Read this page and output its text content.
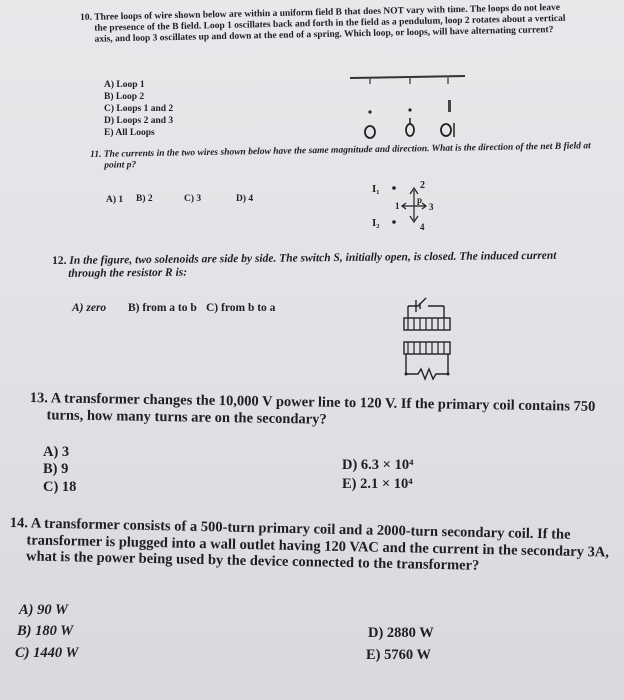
10. Three loops of wire shown below are within a uniform field B that does NOT vary with time. The loops do not leave the presence of the B field. Loop 1 oscillates back and forth in the field as a pendulum, loop 2 rotates about a vertical axis, and loop 3 oscillates up and down at the end of a spring. Which loop, or loops, will have alternating current?
A) Loop 1
B) Loop 2
C) Loops 1 and 2
D) Loops 2 and 3
E) All Loops
11. The currents in the two wires shown below have the same magnitude and direction. What is the direction of the net B field at point p?
A) 1 B) 2	C) 3	D) 4
I₁
I₂
2
1
p
3
4
12. In the figure, two solenoids are side by side. The switch S, initially open, is closed. The induced current through the resistor R is:
A) zero B) from a to b C) from b to a
13. A transformer changes the 10,000 V power line to 120 V. If the primary coil contains 750 turns, how many turns are on the secondary?
A) 3
B) 9
C) 18
D) 6.3 × 10⁴
E) 2.1 × 10⁴
14. A transformer consists of a 500-turn primary coil and a 2000-turn secondary coil. If the transformer is plugged into a wall outlet having 120 VAC and the current in the secondary 3A, what is the power being used by the device connected to the transformer?
A) 90 W
B) 180 W
C) 1440 W
D) 2880 W
E) 5760 W
